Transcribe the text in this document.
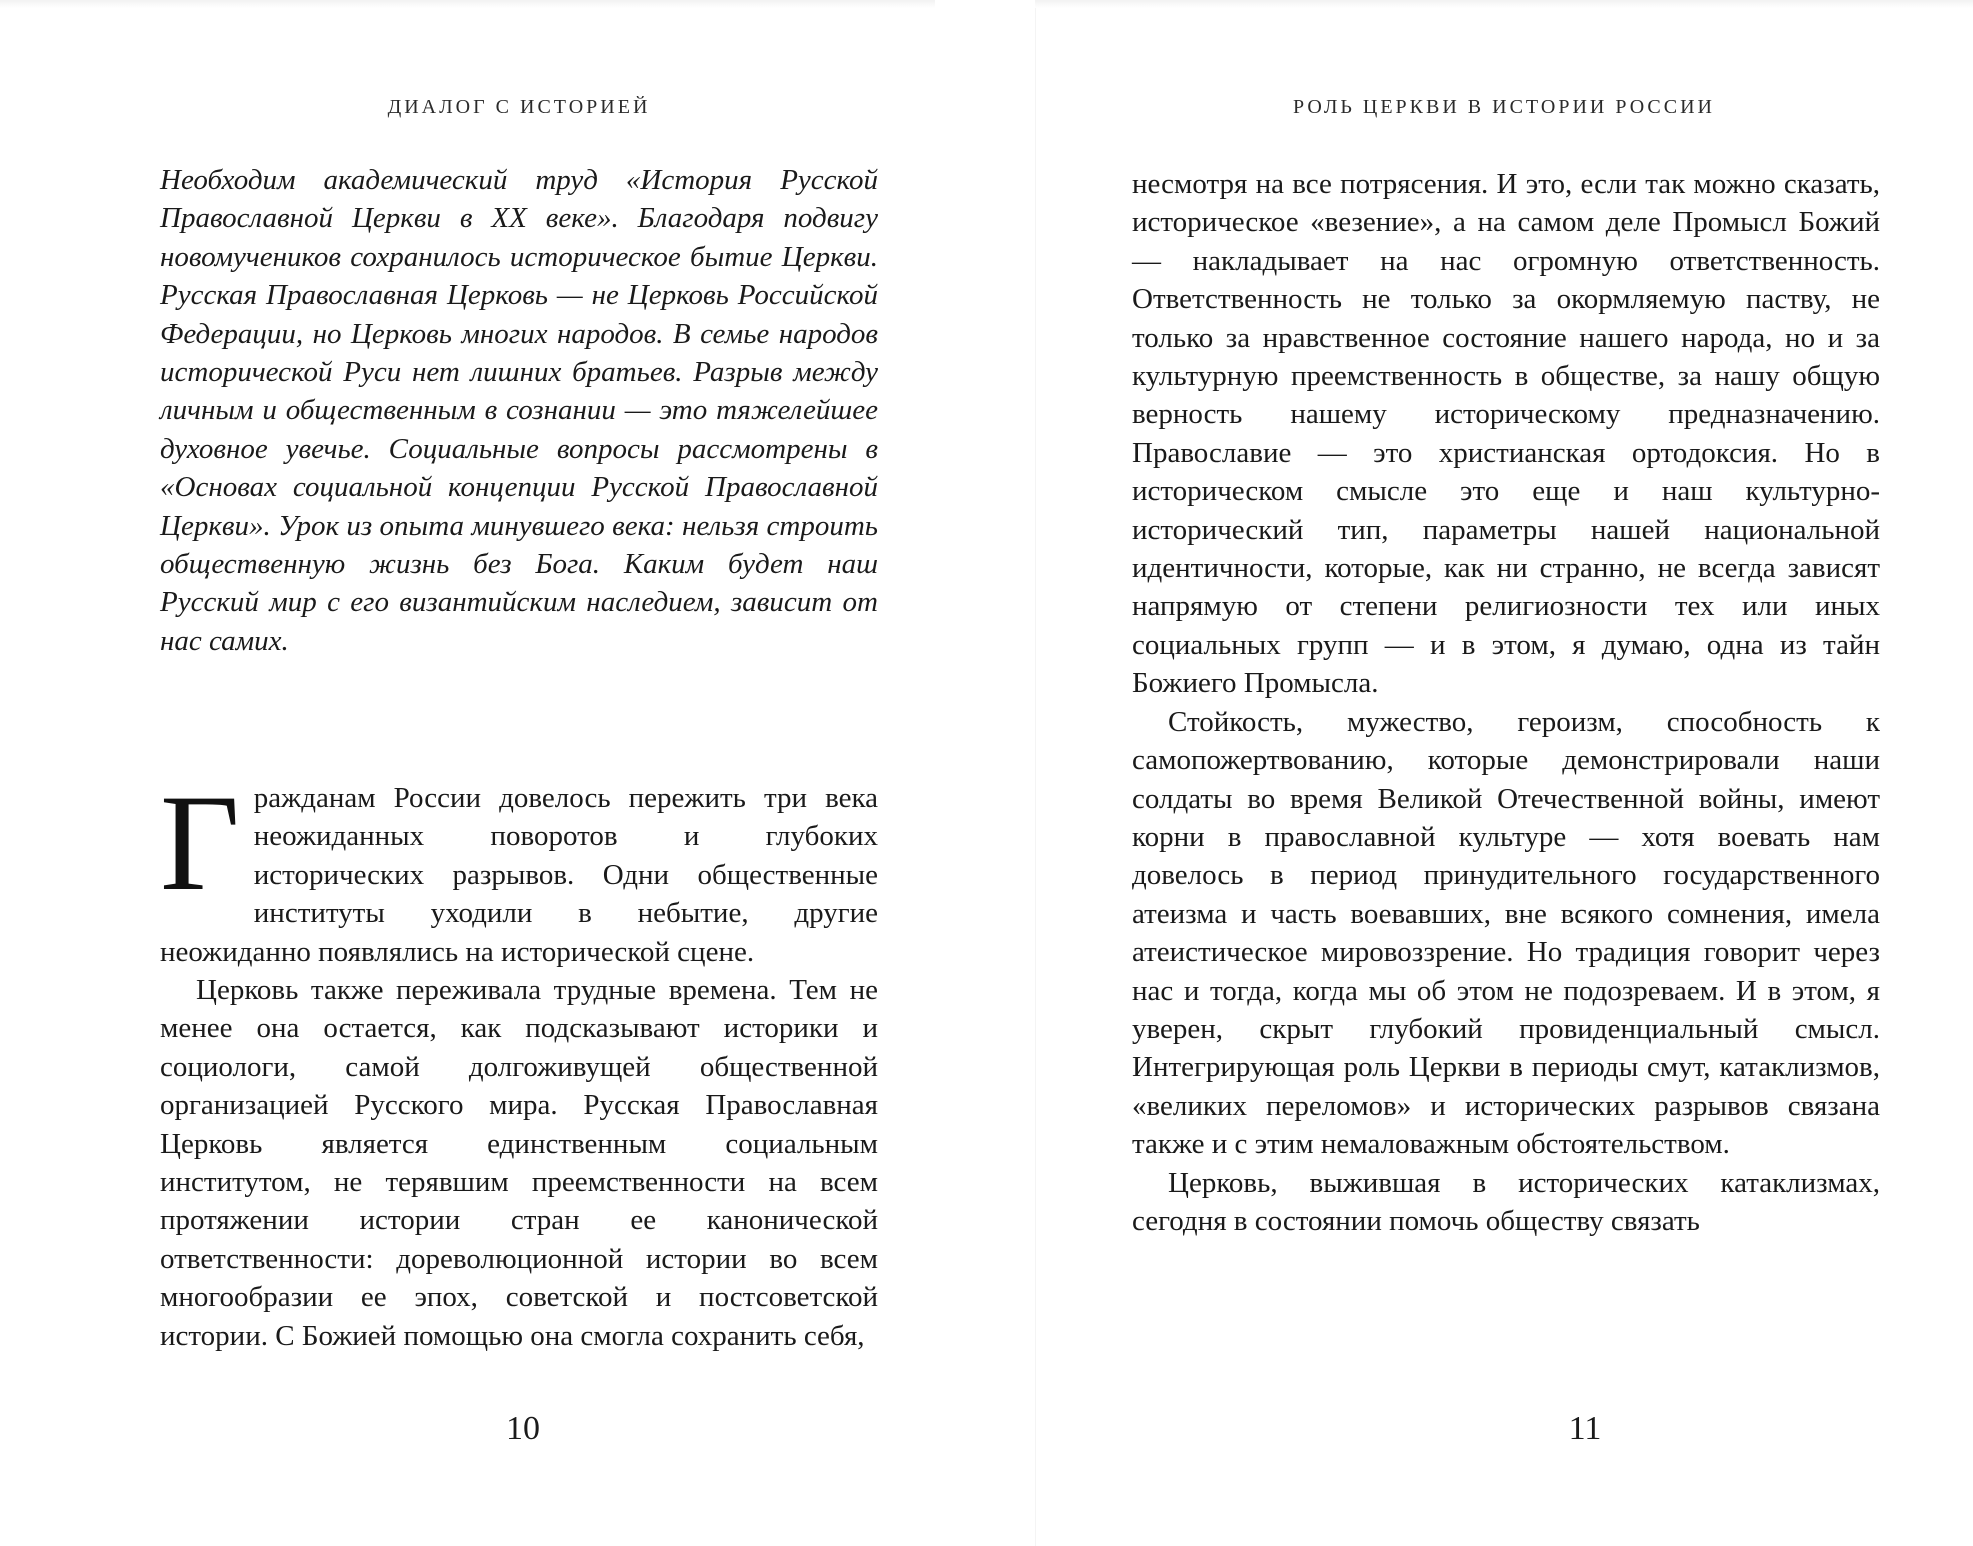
ДИАЛОГ С ИСТОРИЕЙ

Необходим академический труд «История Русской Православной Церкви в XX веке». Благодаря подвигу новомучеников сохранилось историческое бытие Церкви. Русская Православная Церковь — не Церковь Российской Федерации, но Церковь многих народов. В семье народов исторической Руси нет лишних братьев. Разрыв между личным и общественным в сознании — это тяжелейшее духовное увечье. Социальные вопросы рассмотрены в «Основах социальной концепции Русской Православной Церкви». Урок из опыта минувшего века: нельзя строить общественную жизнь без Бога. Каким будет наш Русский мир с его византийским наследием, зависит от нас самих.

Гражданам России довелось пережить три века неожиданных поворотов и глубоких исторических разрывов. Одни общественные институты уходили в небытие, другие неожиданно появлялись на исторической сцене.

Церковь также переживала трудные времена. Тем не менее она остается, как подсказывают историки и социологи, самой долгоживущей общественной организацией Русского мира. Русская Православная Церковь является единственным социальным институтом, не терявшим преемственности на всем протяжении истории стран ее канонической ответственности: дореволюционной истории во всем многообразии ее эпох, советской и постсоветской истории. С Божией помощью она смогла сохранить себя,

10
РОЛЬ ЦЕРКВИ В ИСТОРИИ РОССИИ

несмотря на все потрясения. И это, если так можно сказать, историческое «везение», а на самом деле Промысл Божий — накладывает на нас огромную ответственность. Ответственность не только за окормляемую паству, не только за нравственное состояние нашего народа, но и за культурную преемственность в обществе, за нашу общую верность нашему историческому предназначению. Православие — это христианская ортодоксия. Но в историческом смысле это еще и наш культурно-исторический тип, параметры нашей национальной идентичности, которые, как ни странно, не всегда зависят напрямую от степени религиозности тех или иных социальных групп — и в этом, я думаю, одна из тайн Божиего Промысла.

Стойкость, мужество, героизм, способность к самопожертвованию, которые демонстрировали наши солдаты во время Великой Отечественной войны, имеют корни в православной культуре — хотя воевать нам довелось в период принудительного государственного атеизма и часть воевавших, вне всякого сомнения, имела атеистическое мировоззрение. Но традиция говорит через нас и тогда, когда мы об этом не подозреваем. И в этом, я уверен, скрыт глубокий провиденциальный смысл. Интегрирующая роль Церкви в периоды смут, катаклизмов, «великих переломов» и исторических разрывов связана также и с этим немаловажным обстоятельством.

Церковь, выжившая в исторических катаклизмах, сегодня в состоянии помочь обществу связать

11
